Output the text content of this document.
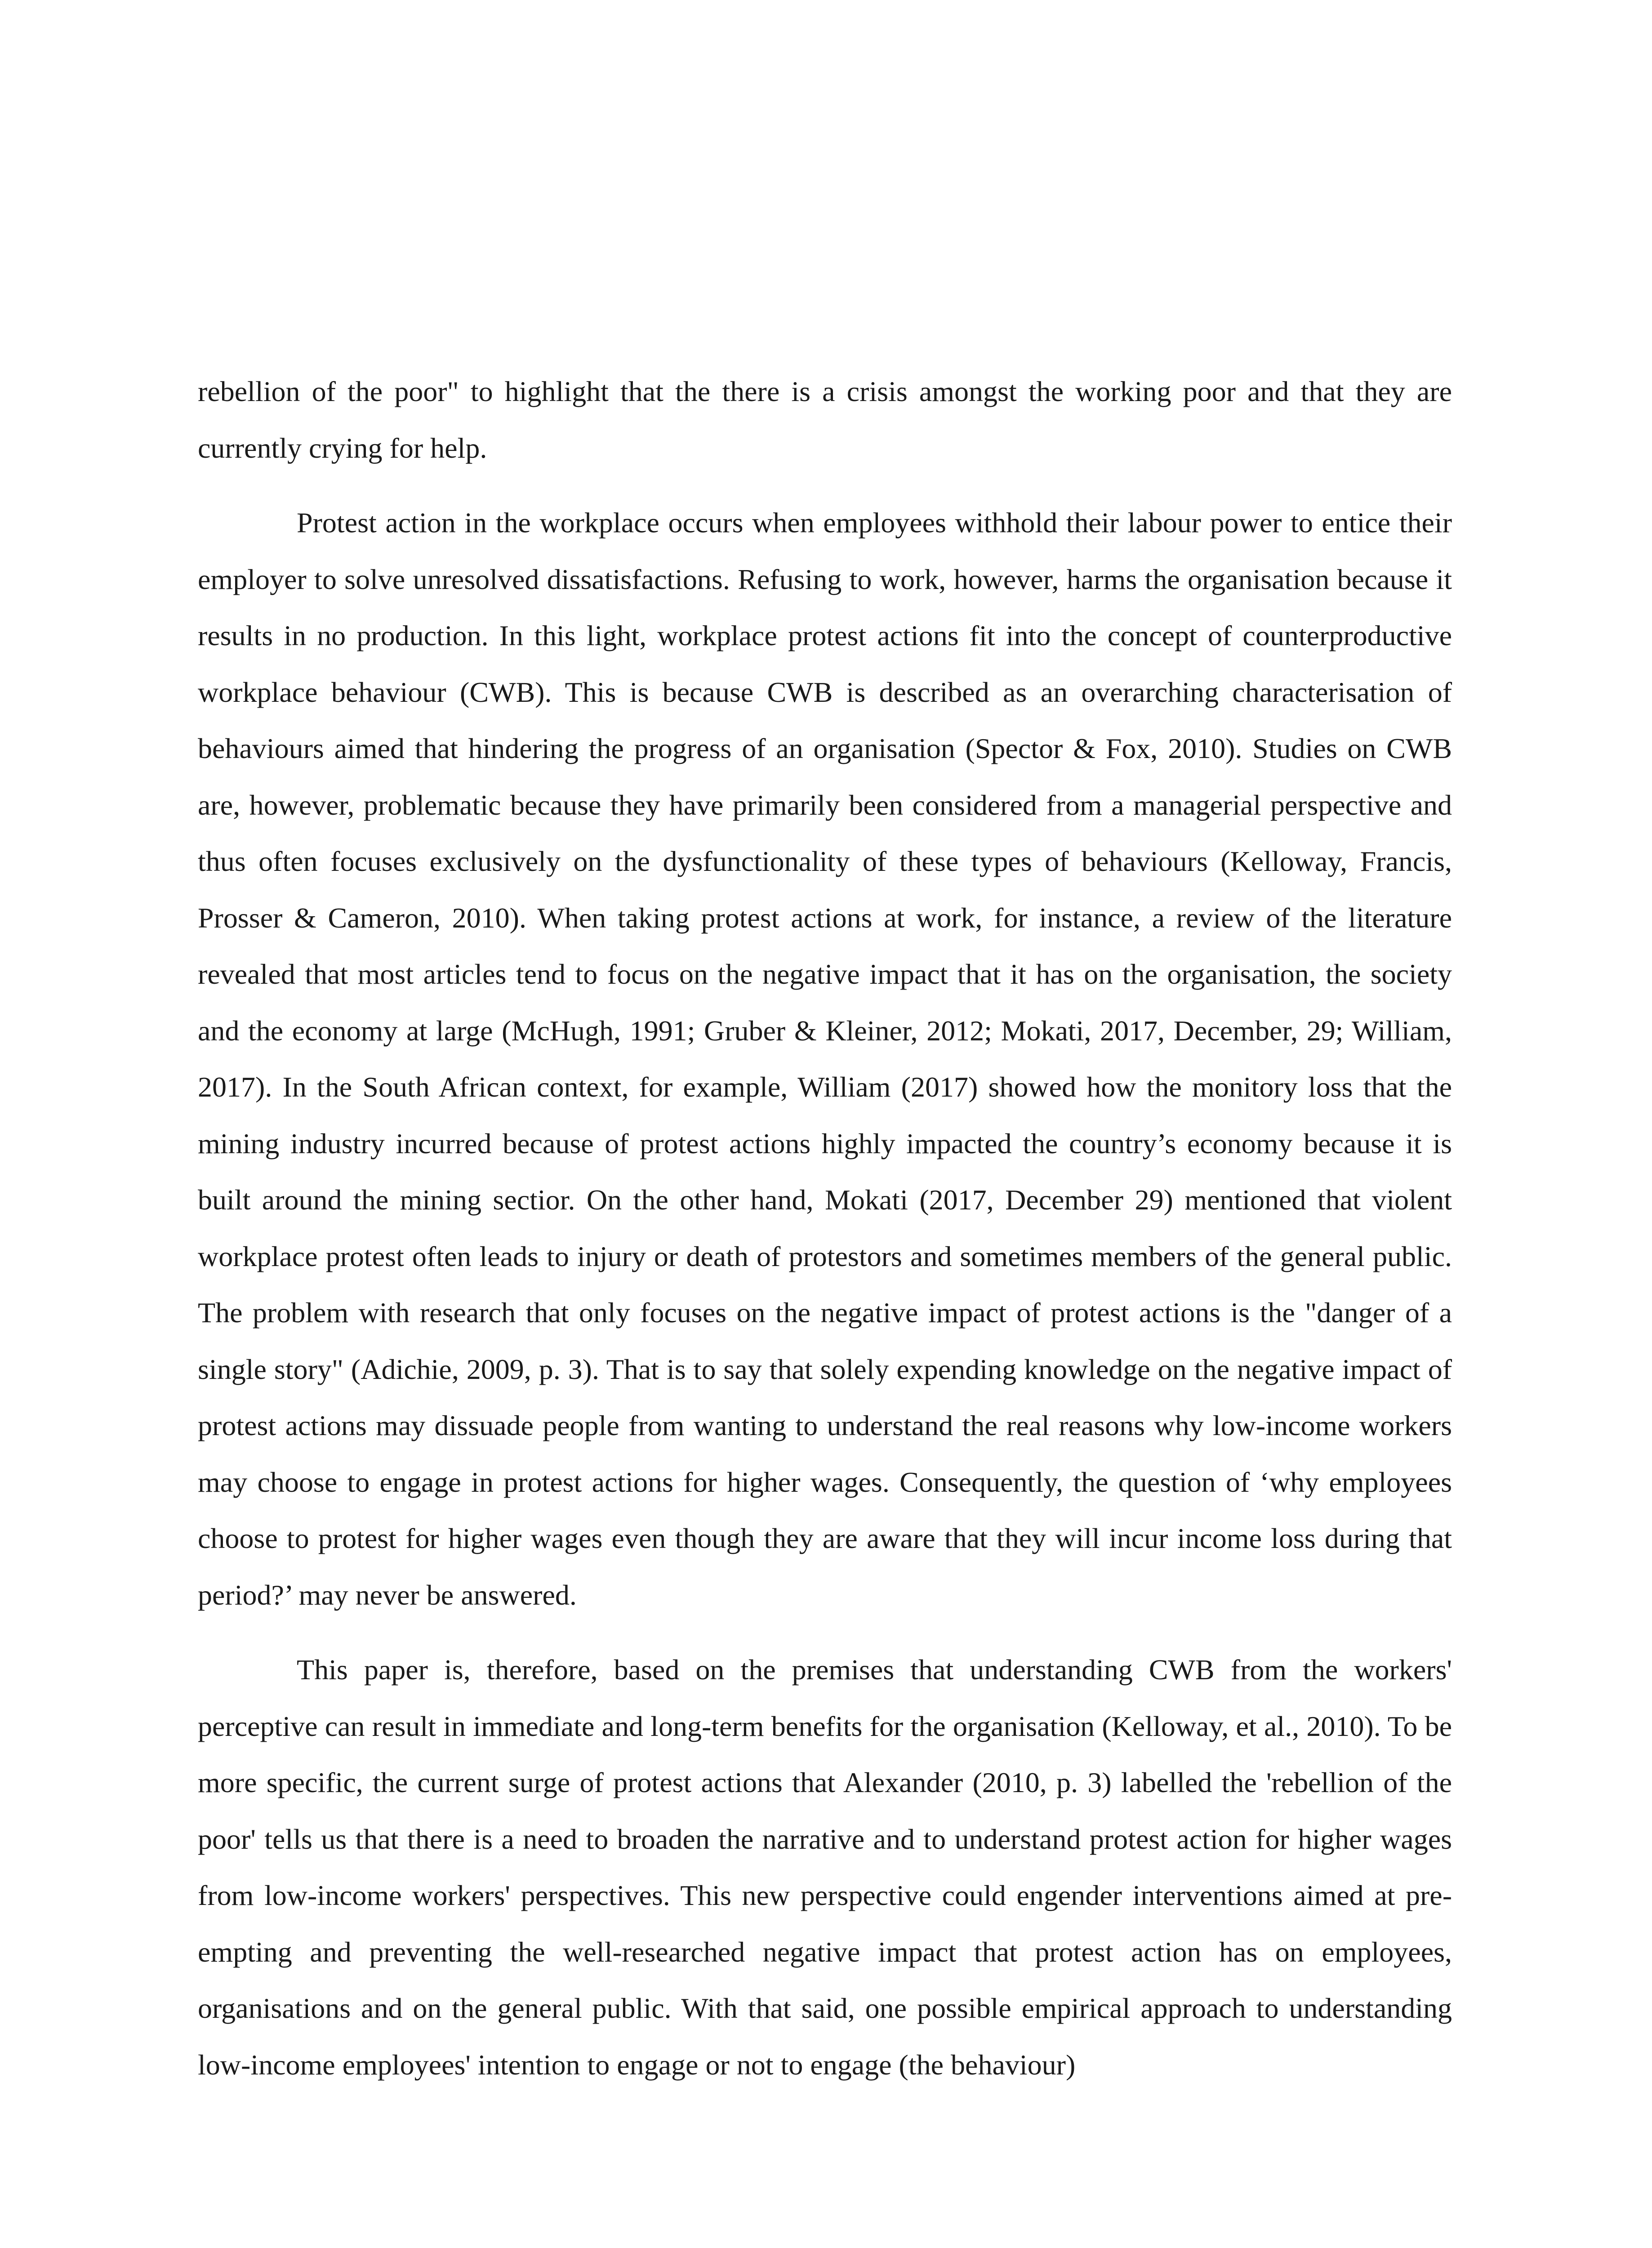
rebellion of the poor" to highlight that the there is a crisis amongst the working poor and that they are currently crying for help.

Protest action in the workplace occurs when employees withhold their labour power to entice their employer to solve unresolved dissatisfactions. Refusing to work, however, harms the organisation because it results in no production. In this light, workplace protest actions fit into the concept of counterproductive workplace behaviour (CWB). This is because CWB is described as an overarching characterisation of behaviours aimed that hindering the progress of an organisation (Spector & Fox, 2010). Studies on CWB are, however, problematic because they have primarily been considered from a managerial perspective and thus often focuses exclusively on the dysfunctionality of these types of behaviours (Kelloway, Francis, Prosser & Cameron, 2010). When taking protest actions at work, for instance, a review of the literature revealed that most articles tend to focus on the negative impact that it has on the organisation, the society and the economy at large (McHugh, 1991; Gruber & Kleiner, 2012; Mokati, 2017, December, 29; William, 2017). In the South African context, for example, William (2017) showed how the monitory loss that the mining industry incurred because of protest actions highly impacted the country’s economy because it is built around the mining sectior. On the other hand, Mokati (2017, December 29) mentioned that violent workplace protest often leads to injury or death of protestors and sometimes members of the general public. The problem with research that only focuses on the negative impact of protest actions is the "danger of a single story" (Adichie, 2009, p. 3). That is to say that solely expending knowledge on the negative impact of protest actions may dissuade people from wanting to understand the real reasons why low-income workers may choose to engage in protest actions for higher wages. Consequently, the question of ‘why employees choose to protest for higher wages even though they are aware that they will incur income loss during that period?’ may never be answered.

This paper is, therefore, based on the premises that understanding CWB from the workers' perceptive can result in immediate and long-term benefits for the organisation (Kelloway, et al., 2010). To be more specific, the current surge of protest actions that Alexander (2010, p. 3) labelled the 'rebellion of the poor' tells us that there is a need to broaden the narrative and to understand protest action for higher wages from low-income workers' perspectives. This new perspective could engender interventions aimed at pre-empting and preventing the well-researched negative impact that protest action has on employees, organisations and on the general public. With that said, one possible empirical approach to understanding low-income employees' intention to engage or not to engage (the behaviour)
